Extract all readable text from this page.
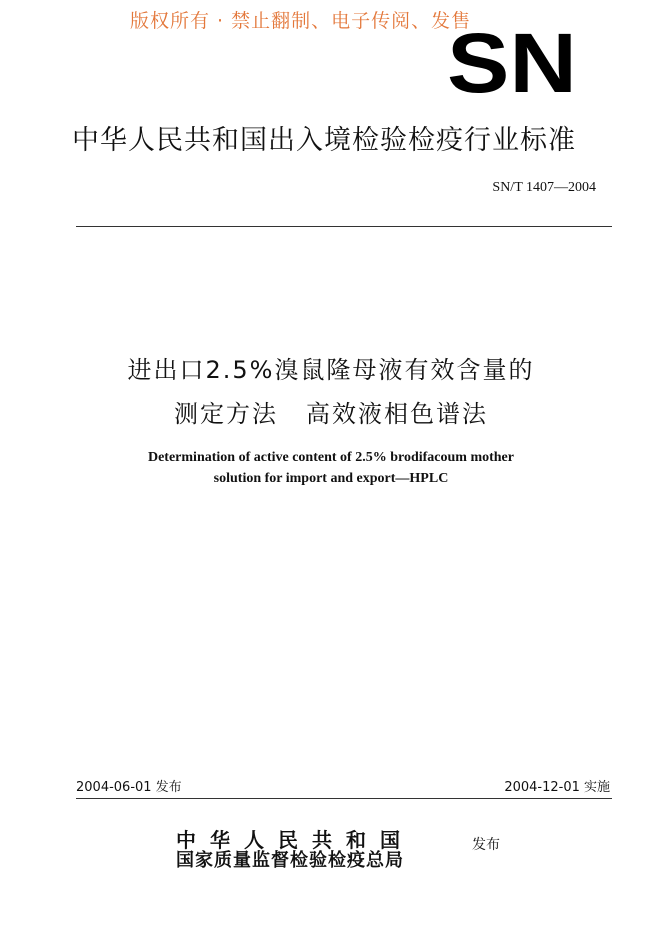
版权所有 · 禁止翻制、电子传阅、发售
SN
中华人民共和国出入境检验检疫行业标准
SN/T 1407—2004
进出口2.5%溴鼠隆母液有效含量的
测定方法 高效液相色谱法
Determination of active content of 2.5% brodifacoum mother
solution for import and export—HPLC
2004-06-01 发布	2004-12-01 实施
中华人民共和国
国家质量监督检验检疫总局
发布
